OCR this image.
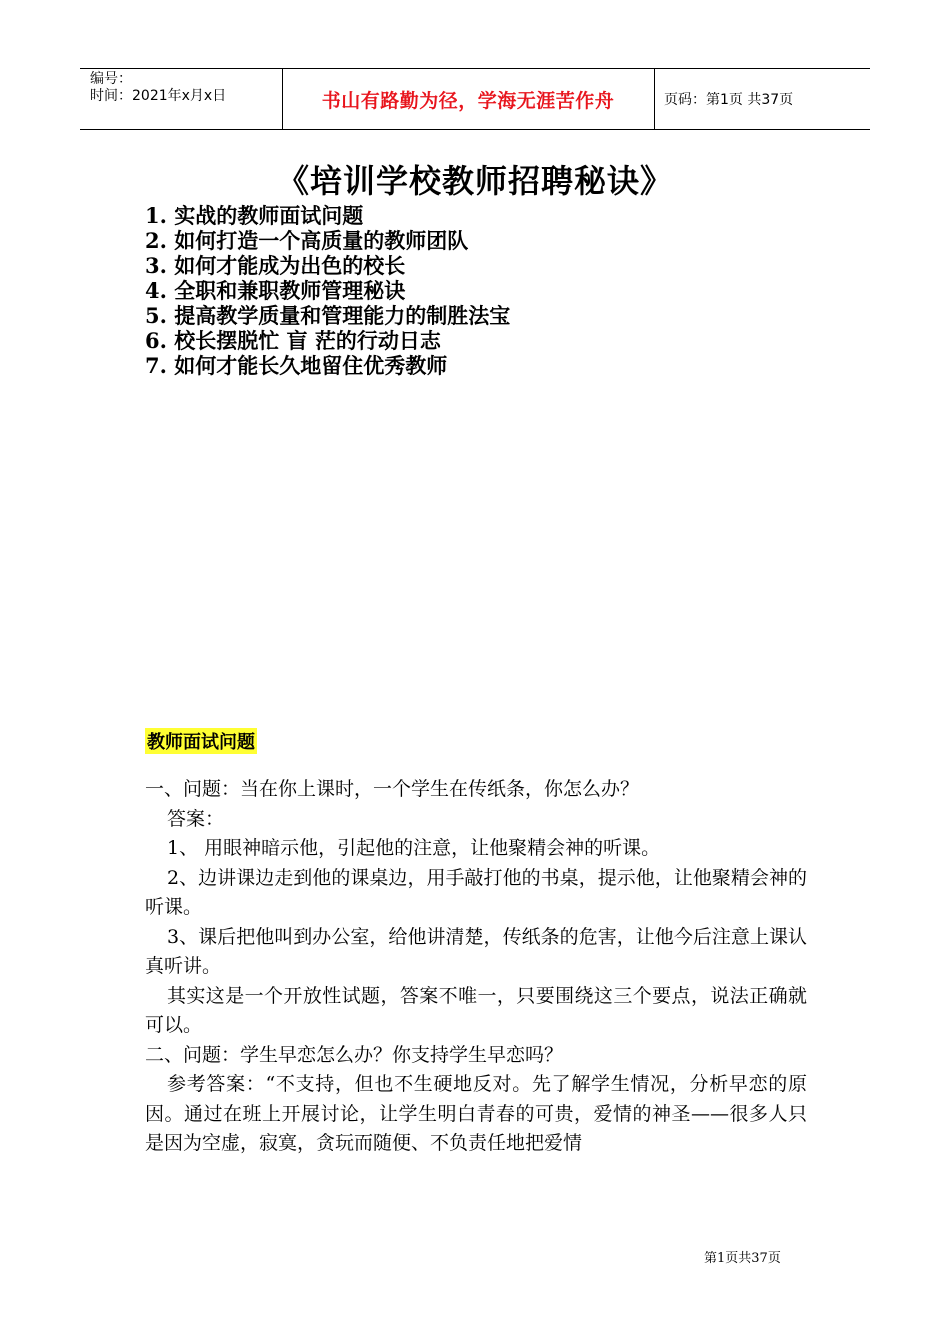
编号：
时间：2021年x月x日	书山有路勤为径，学海无涯苦作舟	页码：第1页 共37页
《培训学校教师招聘秘诀》
1. 实战的教师面试问题
2. 如何打造一个高质量的教师团队
3. 如何才能成为出色的校长
4. 全职和兼职教师管理秘诀
5. 提高教学质量和管理能力的制胜法宝
6. 校长摆脱忙 盲 茫的行动日志
7. 如何才能长久地留住优秀教师
教师面试问题

一、问题：当在你上课时，一个学生在传纸条，你怎么办？

答案：

1、 用眼神暗示他，引起他的注意，让他聚精会神的听课。

2、边讲课边走到他的课桌边，用手敲打他的书桌，提示他，让他聚精会神的听课。

3、课后把他叫到办公室，给他讲清楚，传纸条的危害，让他今后注意上课认真听讲。

其实这是一个开放性试题，答案不唯一，只要围绕这三个要点，说法正确就可以。

二、问题：学生早恋怎么办？你支持学生早恋吗？

参考答案：“不支持，但也不生硬地反对。先了解学生情况，分析早恋的原因。通过在班上开展讨论，让学生明白青春的可贵，爱情的神圣——很多人只是因为空虚，寂寞，贪玩而随便、不负责任地把爱情

第1页共37页
